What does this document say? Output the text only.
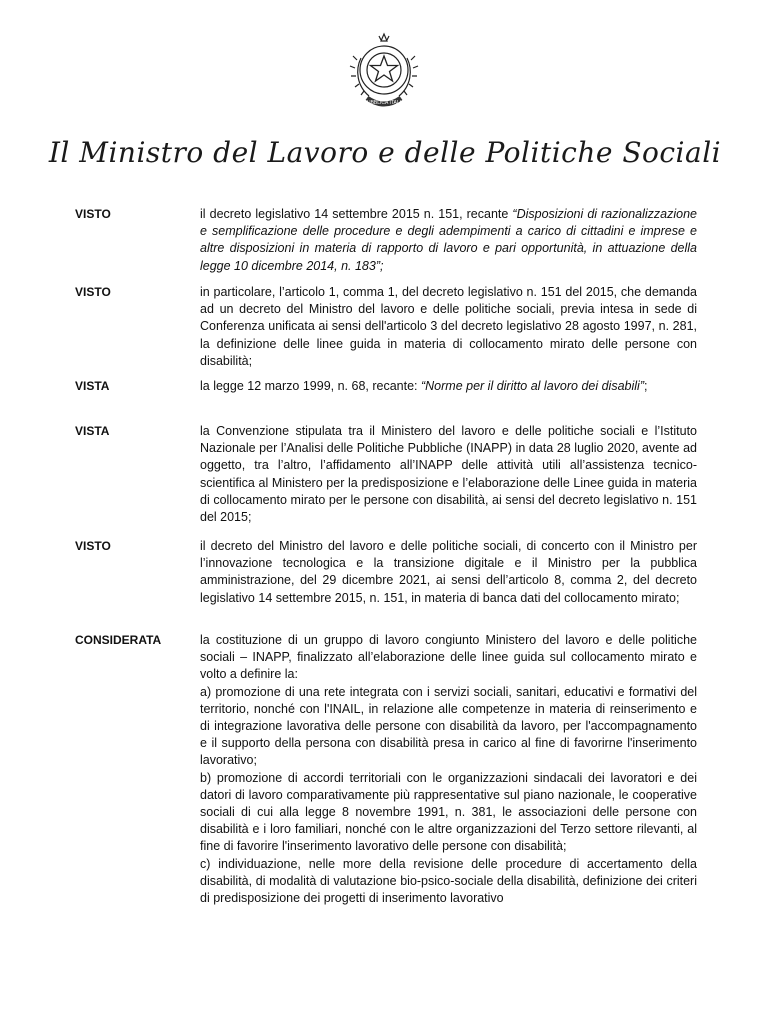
REPUBBLICA ITALIANA
Il Ministro del Lavoro e delle Politiche Sociali
VISTO	il decreto legislativo 14 settembre 2015 n. 151, recante “Disposizioni di razionalizzazione e semplificazione delle procedure e degli adempimenti a carico di cittadini e imprese e altre disposizioni in materia di rapporto di lavoro e pari opportunità, in attuazione della legge 10 dicembre 2014, n. 183”;
VISTO	in particolare, l’articolo 1, comma 1, del decreto legislativo n. 151 del 2015, che demanda ad un decreto del Ministro del lavoro e delle politiche sociali, previa intesa in sede di Conferenza unificata ai sensi dell'articolo 3 del decreto legislativo 28 agosto 1997, n. 281, la definizione delle linee guida in materia di collocamento mirato delle persone con disabilità;
VISTA	la legge 12 marzo 1999, n. 68, recante: “Norme per il diritto al lavoro dei disabili”;
VISTA	la Convenzione stipulata tra il Ministero del lavoro e delle politiche sociali e l’Istituto Nazionale per l’Analisi delle Politiche Pubbliche (INAPP) in data 28 luglio 2020, avente ad oggetto, tra l’altro, l’affidamento all’INAPP delle attività utili all’assistenza tecnico-scientifica al Ministero per la predisposizione e l’elaborazione delle Linee guida in materia di collocamento mirato per le persone con disabilità, ai sensi del decreto legislativo n. 151 del 2015;
VISTO	il decreto del Ministro del lavoro e delle politiche sociali, di concerto con il Ministro per l’innovazione tecnologica e la transizione digitale e il Ministro per la pubblica amministrazione, del 29 dicembre 2021, ai sensi dell’articolo 8, comma 2, del decreto legislativo 14 settembre 2015, n. 151, in materia di banca dati del collocamento mirato;
CONSIDERATA	la costituzione di un gruppo di lavoro congiunto Ministero del lavoro e delle politiche sociali – INAPP, finalizzato all’elaborazione delle linee guida sul collocamento mirato e volto a definire la:

a) promozione di una rete integrata con i servizi sociali, sanitari, educativi e formativi del territorio, nonché con l'INAIL, in relazione alle competenze in materia di reinserimento e di integrazione lavorativa delle persone con disabilità da lavoro, per l'accompagnamento e il supporto della persona con disabilità presa in carico al fine di favorirne l'inserimento lavorativo;

b) promozione di accordi territoriali con le organizzazioni sindacali dei lavoratori e dei datori di lavoro comparativamente più rappresentative sul piano nazionale, le cooperative sociali di cui alla legge 8 novembre 1991, n. 381, le associazioni delle persone con disabilità e i loro familiari, nonché con le altre organizzazioni del Terzo settore rilevanti, al fine di favorire l'inserimento lavorativo delle persone con disabilità;

c) individuazione, nelle more della revisione delle procedure di accertamento della disabilità, di modalità di valutazione bio-psico-sociale della disabilità, definizione dei criteri di predisposizione dei progetti di inserimento lavorativo
